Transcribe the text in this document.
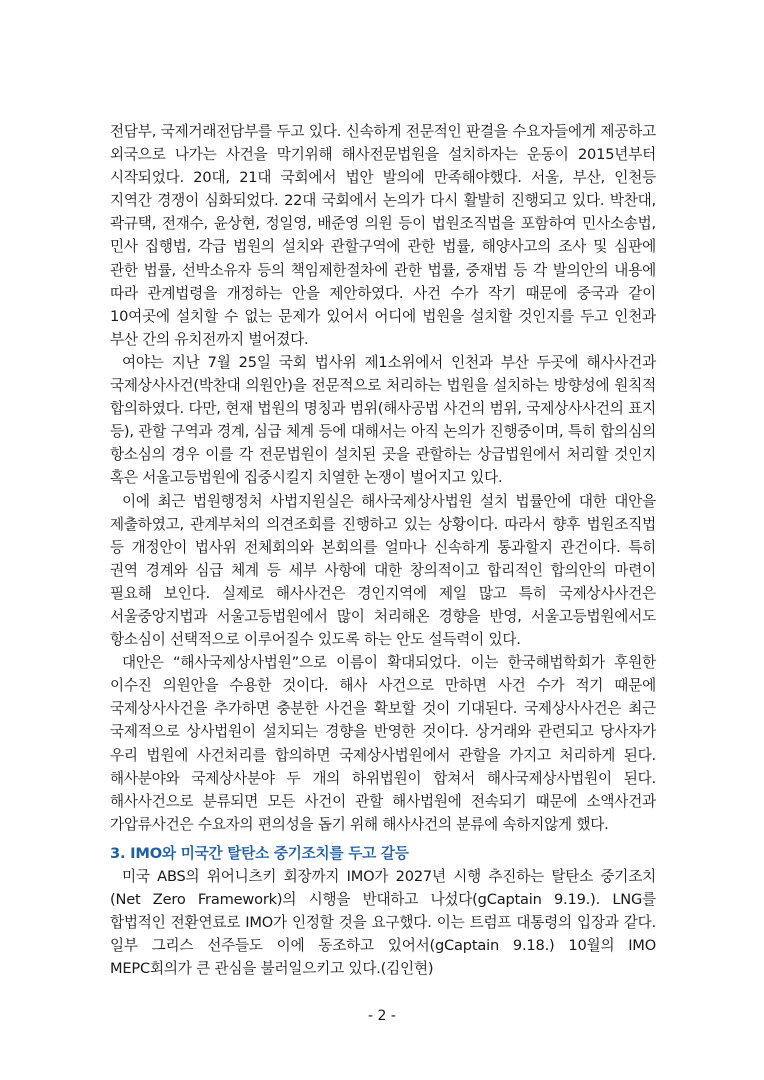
전담부, 국제거래전담부를 두고 있다. 신속하게 전문적인 판결을 수요자들에게 제공하고 외국으로 나가는 사건을 막기위해 해사전문법원을 설치하자는 운동이 2015년부터 시작되었다. 20대, 21대 국회에서 법안 발의에 만족해야했다. 서울, 부산, 인천등 지역간 경쟁이 심화되었다. 22대 국회에서 논의가 다시 활발히 진행되고 있다. 박찬대, 곽규택, 전재수, 윤상현, 정일영, 배준영 의원 등이 법원조직법을 포함하여 민사소송법, 민사 집행법, 각급 법원의 설치와 관할구역에 관한 법률, 해양사고의 조사 및 심판에 관한 법률, 선박소유자 등의 책임제한절차에 관한 법률, 중재법 등 각 발의안의 내용에 따라 관계법령을 개정하는 안을 제안하였다. 사건 수가 작기 때문에 중국과 같이 10여곳에 설치할 수 없는 문제가 있어서 어디에 법원을 설치할 것인지를 두고 인천과 부산 간의 유치전까지 벌어졌다.

여야는 지난 7월 25일 국회 법사위 제1소위에서 인천과 부산 두곳에 해사사건과 국제상사사건(박찬대 의원안)을 전문적으로 처리하는 법원을 설치하는 방향성에 원칙적 합의하였다. 다만, 현재 법원의 명칭과 범위(해사공법 사건의 범위, 국제상사사건의 표지 등), 관할 구역과 경계, 심급 체계 등에 대해서는 아직 논의가 진행중이며, 특히 합의심의 항소심의 경우 이를 각 전문법원이 설치된 곳을 관할하는 상급법원에서 처리할 것인지 혹은 서울고등법원에 집중시킬지 치열한 논쟁이 벌어지고 있다.

이에 최근 법원행정처 사법지원실은 해사국제상사법원 설치 법률안에 대한 대안을 제출하였고, 관계부처의 의견조회를 진행하고 있는 상황이다. 따라서 향후 법원조직법 등 개정안이 법사위 전체회의와 본회의를 얼마나 신속하게 통과할지 관건이다. 특히 권역 경계와 심급 체계 등 세부 사항에 대한 창의적이고 합리적인 합의안의 마련이 필요해 보인다. 실제로 해사사건은 경인지역에 제일 많고 특히 국제상사사건은 서울중앙지법과 서울고등법원에서 많이 처리해온 경향을 반영, 서울고등법원에서도 항소심이 선택적으로 이루어질수 있도록 하는 안도 설득력이 있다.

대안은 “해사국제상사법원”으로 이름이 확대되었다. 이는 한국해법학회가 후원한 이수진 의원안을 수용한 것이다. 해사 사건으로 만하면 사건 수가 적기 때문에 국제상사사건을 추가하면 충분한 사건을 확보할 것이 기대된다. 국제상사사건은 최근 국제적으로 상사법원이 설치되는 경향을 반영한 것이다. 상거래와 관련되고 당사자가 우리 법원에 사건처리를 합의하면 국제상사법원에서 관할을 가지고 처리하게 된다. 해사분야와 국제상사분야 두 개의 하위법원이 합쳐서 해사국제상사법원이 된다. 해사사건으로 분류되면 모든 사건이 관할 해사법원에 전속되기 때문에 소액사건과 가압류사건은 수요자의 편의성을 돕기 위해 해사사건의 분류에 속하지않게 했다.

3. IMO와 미국간 탈탄소 중기조치를 두고 갈등

미국 ABS의 위어니츠키 회장까지 IMO가 2027년 시행 추진하는 탈탄소 중기조치(Net Zero Framework)의 시행을 반대하고 나섰다(gCaptain 9.19.). LNG를 합법적인 전환연료로 IMO가 인정할 것을 요구했다. 이는 트럼프 대통령의 입장과 같다. 일부 그리스 선주들도 이에 동조하고 있어서(gCaptain 9.18.) 10월의 IMO MEPC회의가 큰 관심을 불러일으키고 있다.(김인현)

- 2 -
